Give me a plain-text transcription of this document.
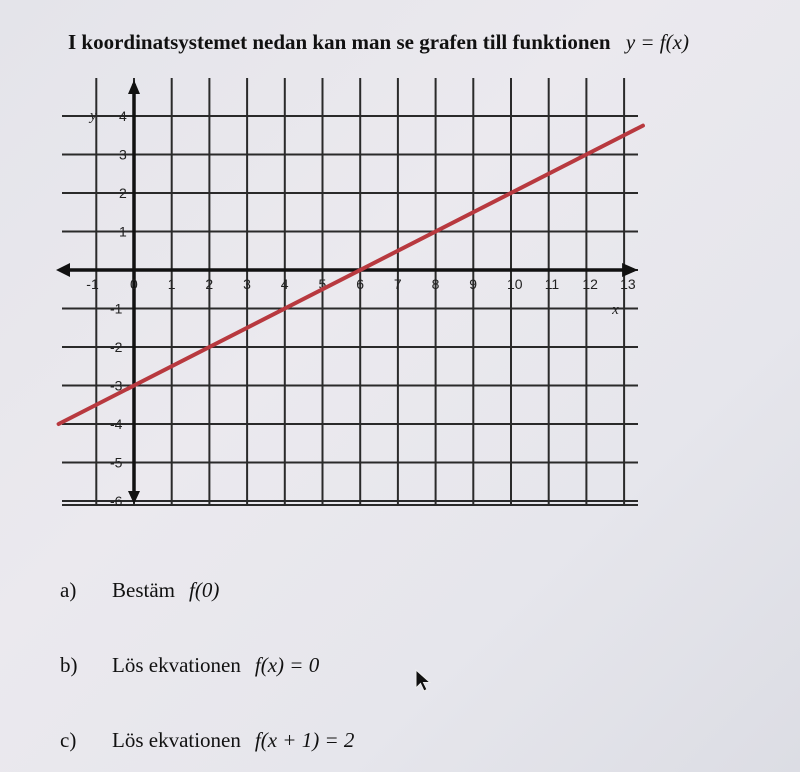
I koordinatsystemet nedan kan man se grafen till funktionen y = f(x)
y
x
-1 0 1 2 3 4 5 6 7 8 9 10 11 12 13
4
3
2
1
-1
-2
-3
-4
-5
-6
a) Bestäm f(0)
b) Lös ekvationen f(x) = 0
c) Lös ekvationen f(x + 1) = 2
